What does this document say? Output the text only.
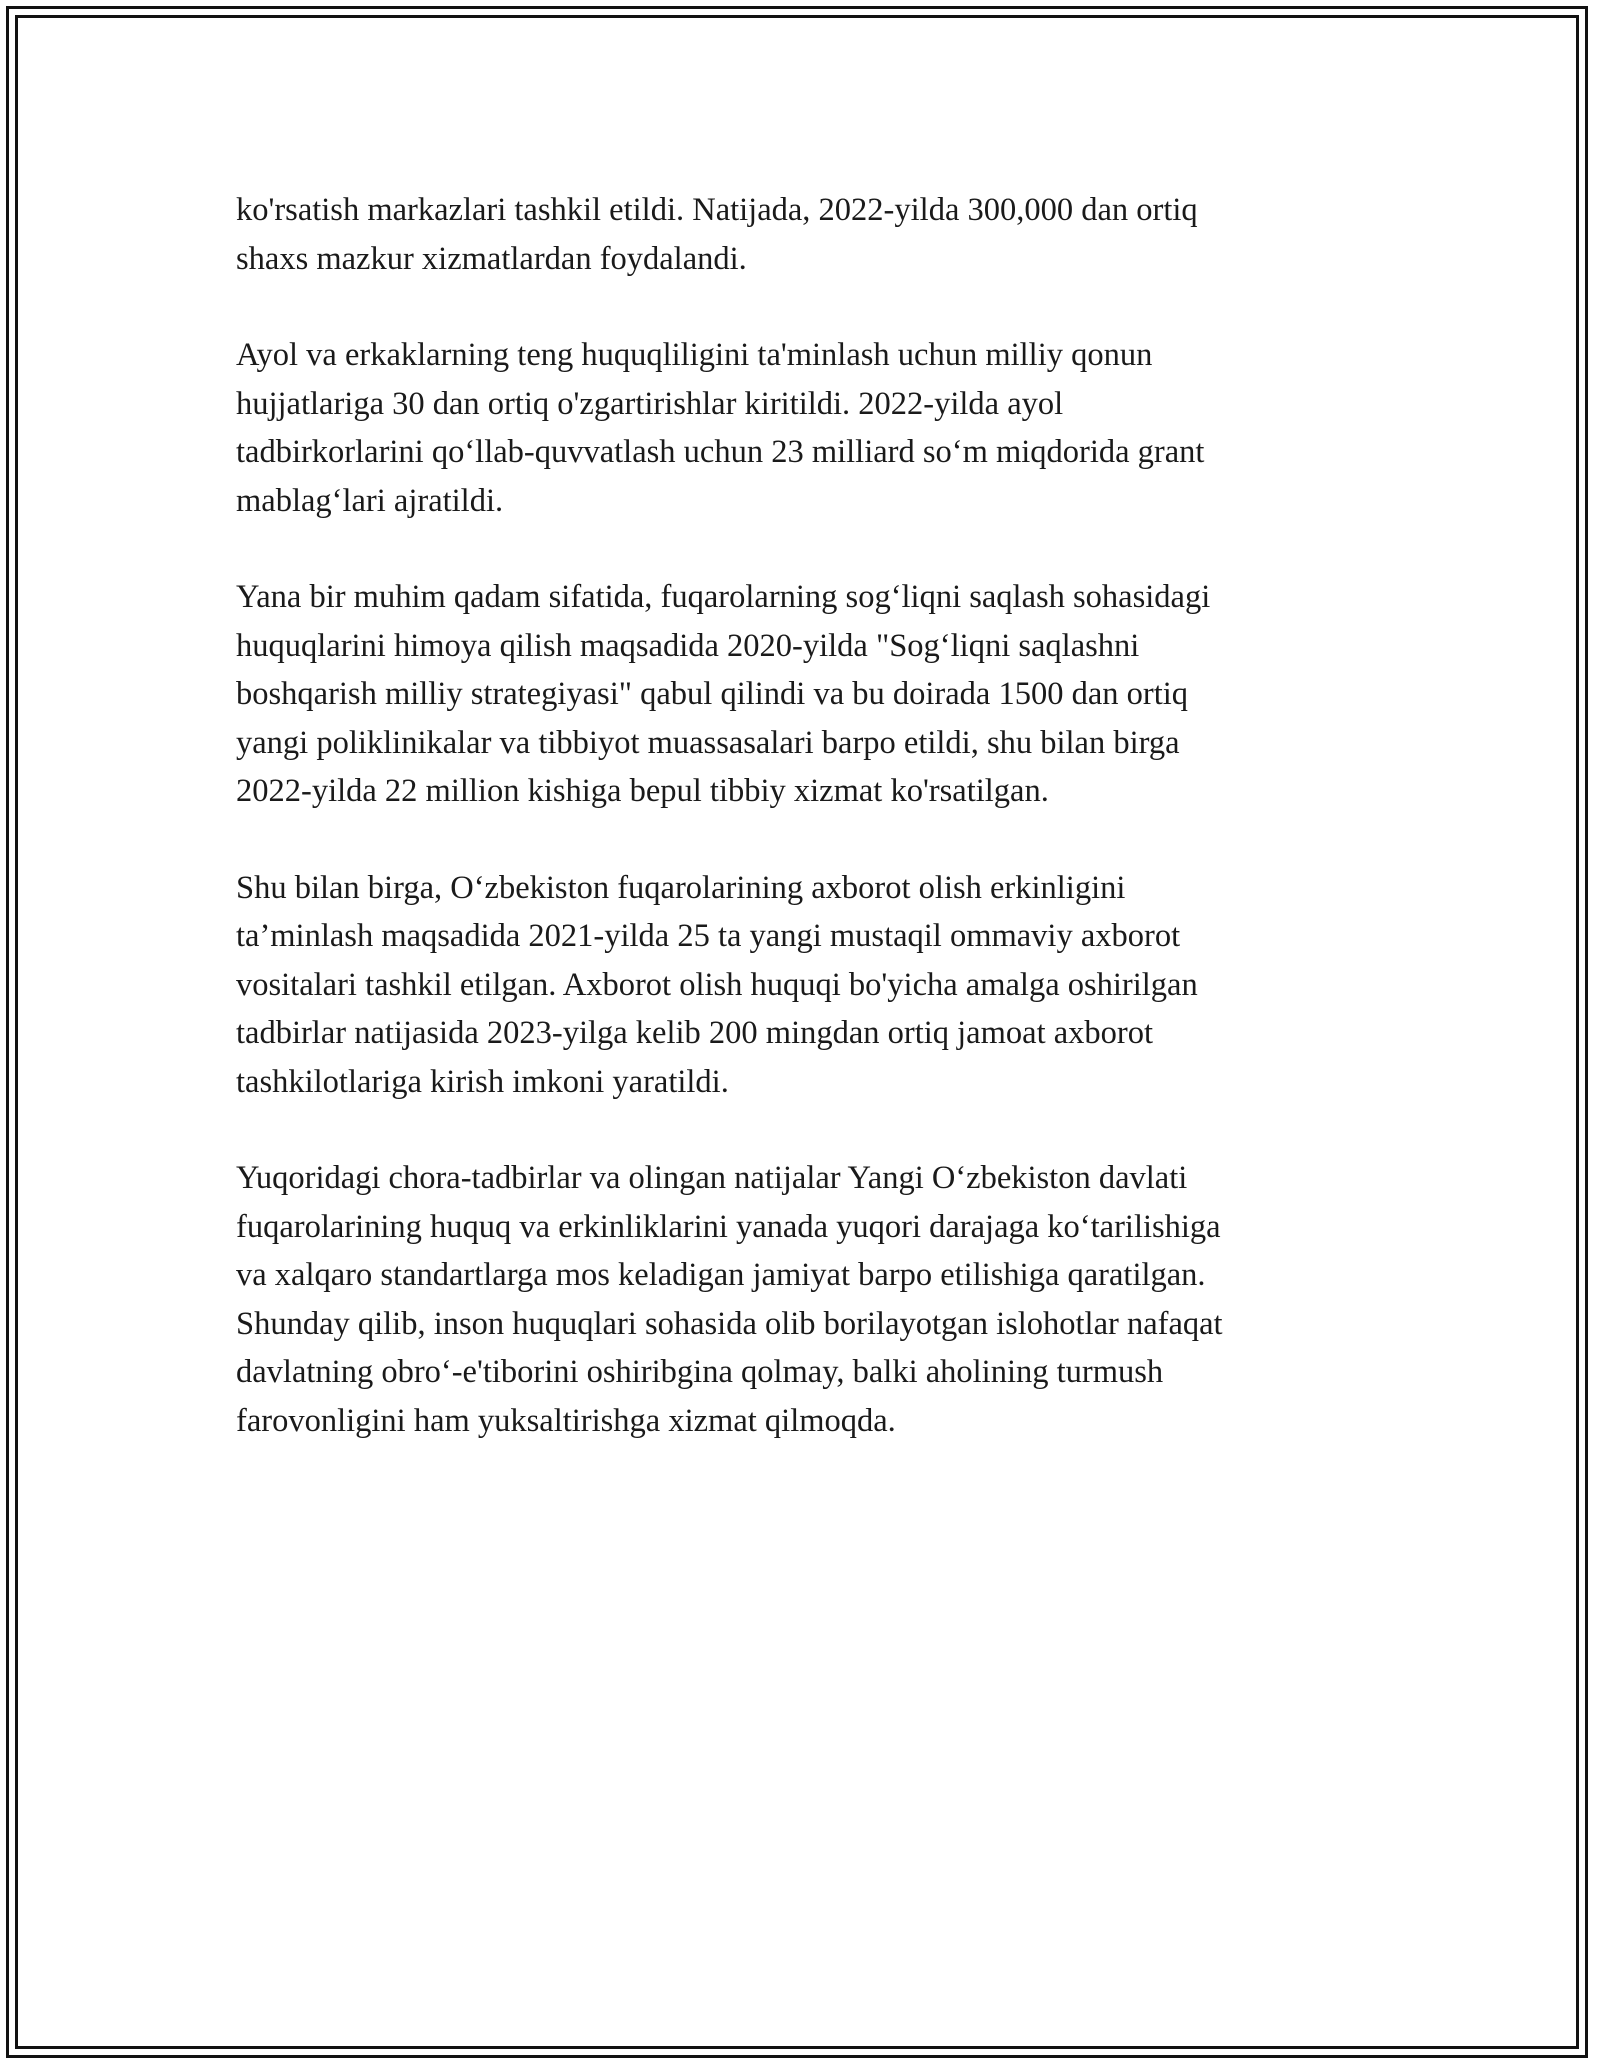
ko'rsatish markazlari tashkil etildi. Natijada, 2022-yilda 300,000 dan ortiq
shaxs mazkur xizmatlardan foydalandi.

Ayol va erkaklarning teng huquqliligini ta'minlash uchun milliy qonun
hujjatlariga 30 dan ortiq o'zgartirishlar kiritildi. 2022-yilda ayol
tadbirkorlarini qo‘llab-quvvatlash uchun 23 milliard so‘m miqdorida grant
mablag‘lari ajratildi.

Yana bir muhim qadam sifatida, fuqarolarning sog‘liqni saqlash sohasidagi
huquqlarini himoya qilish maqsadida 2020-yilda "Sog‘liqni saqlashni
boshqarish milliy strategiyasi" qabul qilindi va bu doirada 1500 dan ortiq
yangi poliklinikalar va tibbiyot muassasalari barpo etildi, shu bilan birga
2022-yilda 22 million kishiga bepul tibbiy xizmat ko'rsatilgan.

Shu bilan birga, O‘zbekiston fuqarolarining axborot olish erkinligini
ta’minlash maqsadida 2021-yilda 25 ta yangi mustaqil ommaviy axborot
vositalari tashkil etilgan. Axborot olish huquqi bo'yicha amalga oshirilgan
tadbirlar natijasida 2023-yilga kelib 200 mingdan ortiq jamoat axborot
tashkilotlariga kirish imkoni yaratildi.

Yuqoridagi chora-tadbirlar va olingan natijalar Yangi O‘zbekiston davlati
fuqarolarining huquq va erkinliklarini yanada yuqori darajaga ko‘tarilishiga
va xalqaro standartlarga mos keladigan jamiyat barpo etilishiga qaratilgan.
Shunday qilib, inson huquqlari sohasida olib borilayotgan islohotlar nafaqat
davlatning obro‘-e'tiborini oshiribgina qolmay, balki aholining turmush
farovonligini ham yuksaltirishga xizmat qilmoqda.
